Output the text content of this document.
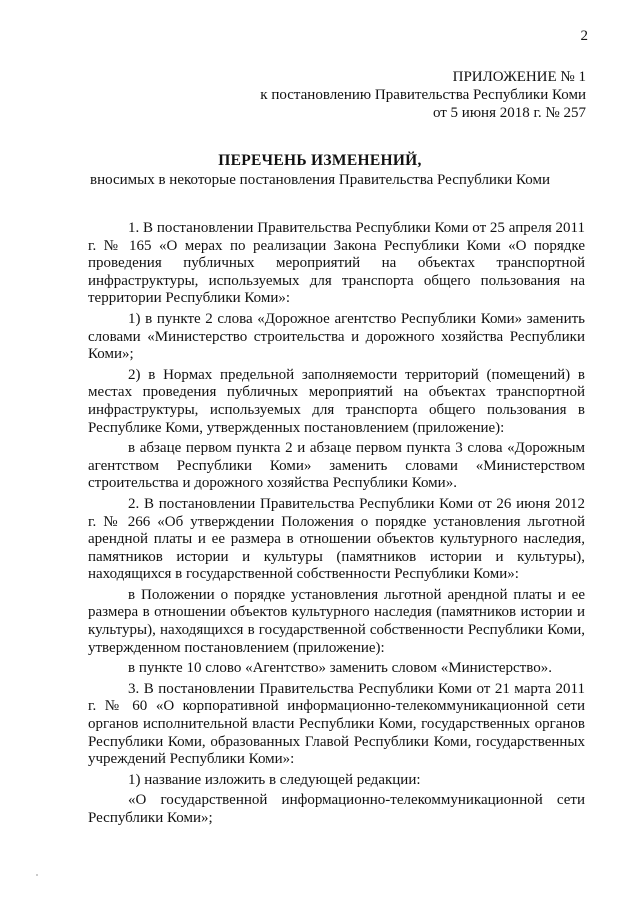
2
ПРИЛОЖЕНИЕ № 1
к постановлению Правительства Республики Коми
от 5 июня 2018 г. № 257
ПЕРЕЧЕНЬ ИЗМЕНЕНИЙ,
вносимых в некоторые постановления Правительства Республики Коми

1. В постановлении Правительства Республики Коми от 25 апреля 2011 г. № 165 «О мерах по реализации Закона Республики Коми «О порядке проведения публичных мероприятий на объектах транспортной инфраструктуры, используемых для транспорта общего пользования на территории Республики Коми»:

1) в пункте 2 слова «Дорожное агентство Республики Коми» заменить словами «Министерство строительства и дорожного хозяйства Республики Коми»;

2) в Нормах предельной заполняемости территорий (помещений) в местах проведения публичных мероприятий на объектах транспортной инфраструктуры, используемых для транспорта общего пользования в Республике Коми, утвержденных постановлением (приложение):

в абзаце первом пункта 2 и абзаце первом пункта 3 слова «Дорожным агентством Республики Коми» заменить словами «Министерством строительства и дорожного хозяйства Республики Коми».

2. В постановлении Правительства Республики Коми от 26 июня 2012 г. № 266 «Об утверждении Положения о порядке установления льготной арендной платы и ее размера в отношении объектов культурного наследия, памятников истории и культуры (памятников истории и культуры), находящихся в государственной собственности Республики Коми»:

в Положении о порядке установления льготной арендной платы и ее размера в отношении объектов культурного наследия (памятников истории и культуры), находящихся в государственной собственности Республики Коми, утвержденном постановлением (приложение):

в пункте 10 слово «Агентство» заменить словом «Министерство».

3. В постановлении Правительства Республики Коми от 21 марта 2011 г. № 60 «О корпоративной информационно-телекоммуникационной сети органов исполнительной власти Республики Коми, государственных органов Республики Коми, образованных Главой Республики Коми, государственных учреждений Республики Коми»:

1) название изложить в следующей редакции:

«О государственной информационно-телекоммуникационной сети Республики Коми»;
